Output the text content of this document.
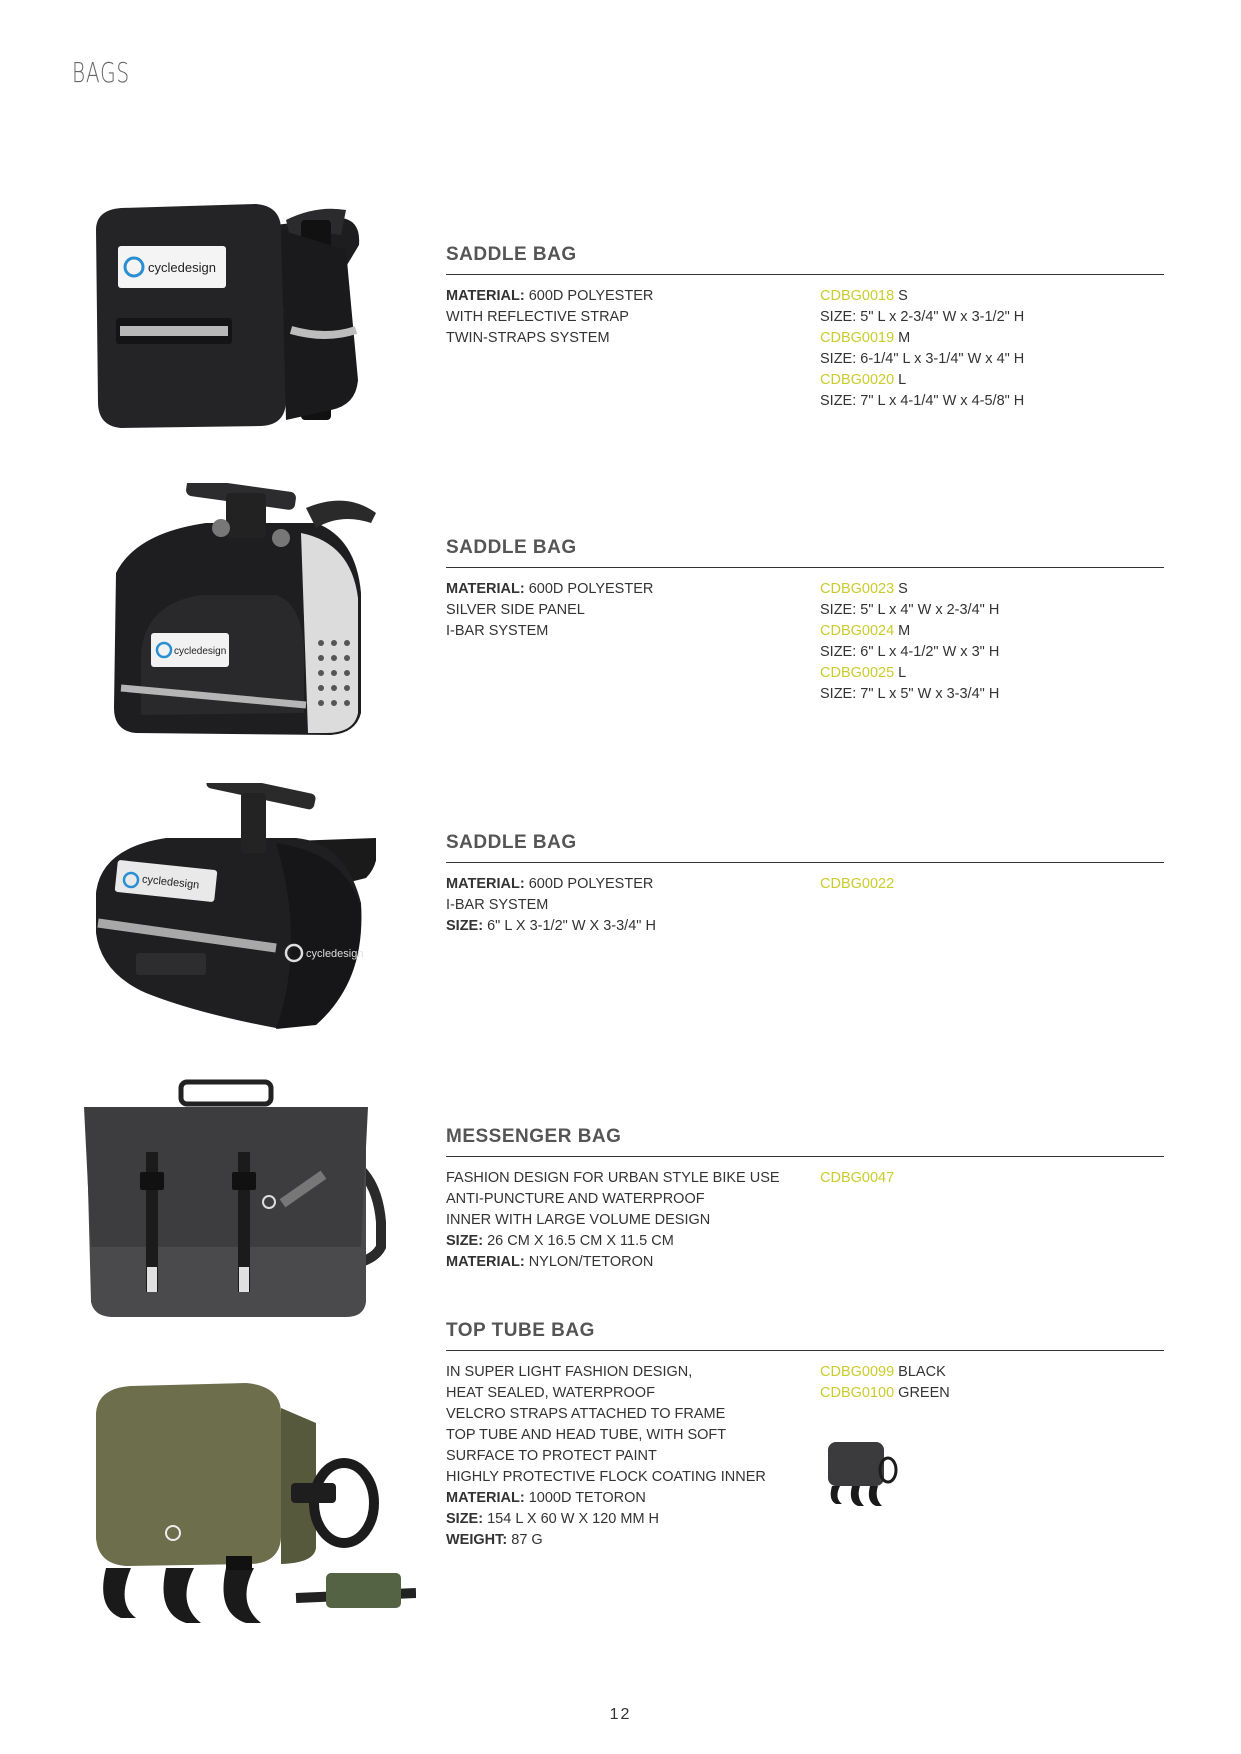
BAGS
cycledesign
SADDLE BAG
MATERIAL: 600D POLYESTER
WITH REFLECTIVE STRAP
TWIN-STRAPS SYSTEM
CDBG0018 S
SIZE: 5" L x 2-3/4" W x 3-1/2" H
CDBG0019 M
SIZE: 6-1/4" L x 3-1/4" W x 4" H
CDBG0020 L
SIZE: 7" L x 4-1/4" W x 4-5/8" H
cycledesign
SADDLE BAG
MATERIAL: 600D POLYESTER
SILVER SIDE PANEL
I-BAR SYSTEM
CDBG0023 S
SIZE: 5" L x 4" W x 2-3/4" H
CDBG0024 M
SIZE: 6" L x 4-1/2" W x 3" H
CDBG0025 L
SIZE: 7" L x 5" W x 3-3/4" H
cycledesign
cycledesign
SADDLE BAG
MATERIAL: 600D POLYESTER
I-BAR SYSTEM
SIZE: 6" L X 3-1/2" W X 3-3/4" H
CDBG0022
MESSENGER BAG
FASHION DESIGN FOR URBAN STYLE BIKE USE
ANTI-PUNCTURE AND WATERPROOF
INNER WITH LARGE VOLUME DESIGN
SIZE: 26 CM X 16.5 CM X 11.5 CM
MATERIAL: NYLON/TETORON
CDBG0047
TOP TUBE BAG
IN SUPER LIGHT FASHION DESIGN,
HEAT SEALED, WATERPROOF
VELCRO STRAPS ATTACHED TO FRAME
TOP TUBE AND HEAD TUBE, WITH SOFT
SURFACE TO PROTECT PAINT
HIGHLY PROTECTIVE FLOCK COATING INNER
MATERIAL: 1000D TETORON
SIZE: 154 L X 60 W X 120 MM H
WEIGHT: 87 G
CDBG0099 BLACK
CDBG0100 GREEN
12
